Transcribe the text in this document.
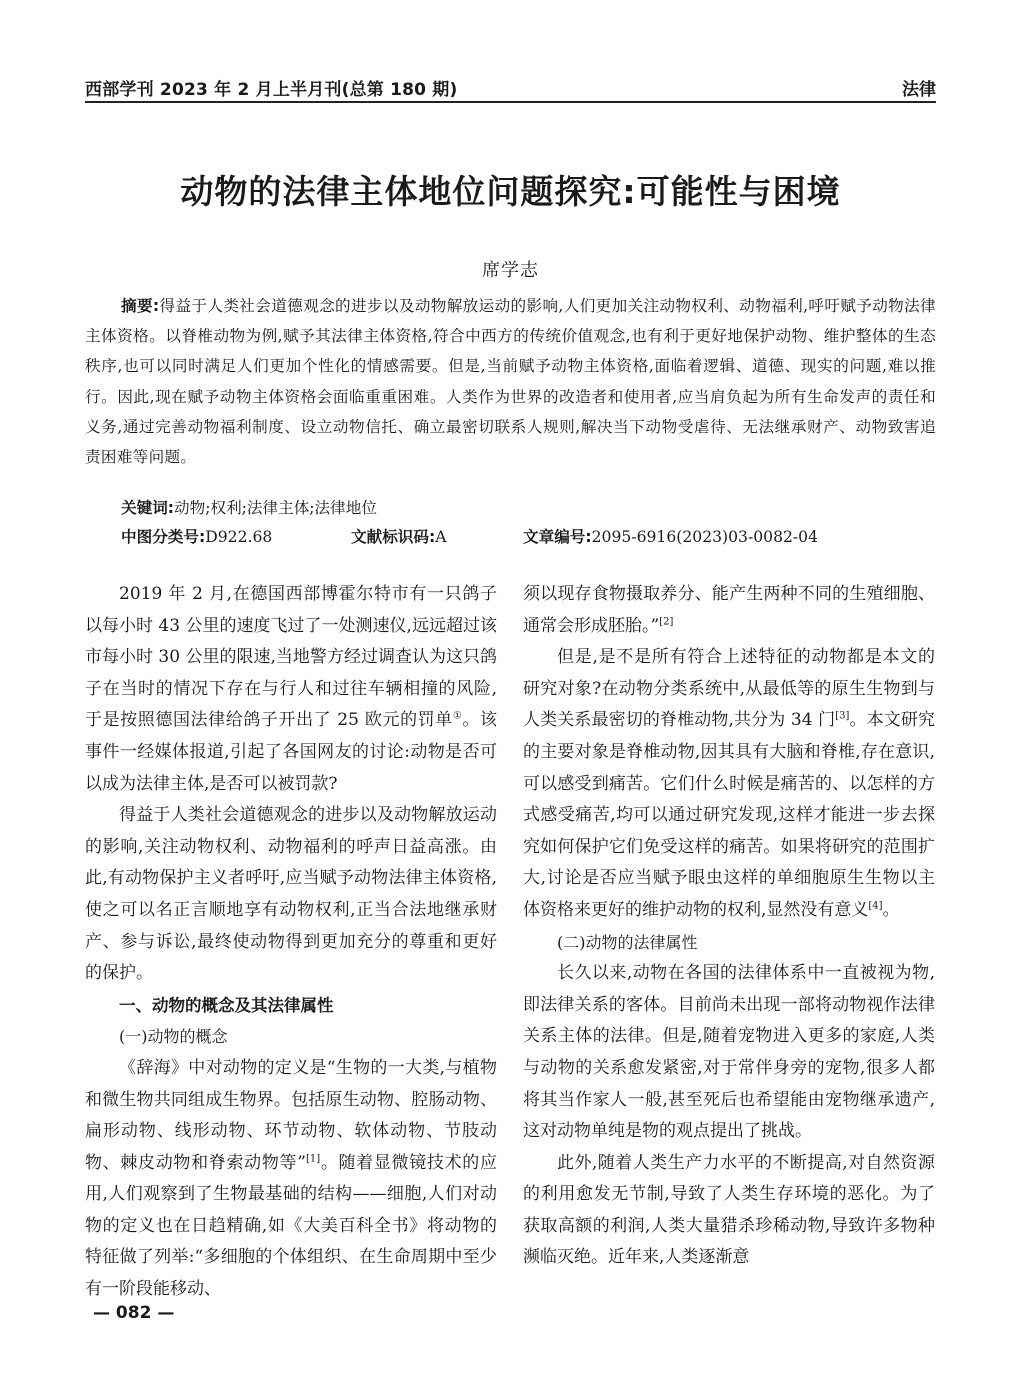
西部学刊 2023 年 2 月上半月刊(总第 180 期)	法律
动物的法律主体地位问题探究:可能性与困境
席学志
摘要:得益于人类社会道德观念的进步以及动物解放运动的影响,人们更加关注动物权利、动物福利,呼吁赋予动物法律主体资格。以脊椎动物为例,赋予其法律主体资格,符合中西方的传统价值观念,也有利于更好地保护动物、维护整体的生态秩序,也可以同时满足人们更加个性化的情感需要。但是,当前赋予动物主体资格,面临着逻辑、道德、现实的问题,难以推行。因此,现在赋予动物主体资格会面临重重困难。人类作为世界的改造者和使用者,应当肩负起为所有生命发声的责任和义务,通过完善动物福利制度、设立动物信托、确立最密切联系人规则,解决当下动物受虐待、无法继承财产、动物致害追责困难等问题。
关键词:动物;权利;法律主体;法律地位
中图分类号:D922.68	文献标识码:A	文章编号:2095-6916(2023)03-0082-04

2019 年 2 月,在德国西部博霍尔特市有一只鸽子以每小时 43 公里的速度飞过了一处测速仪,远远超过该市每小时 30 公里的限速,当地警方经过调查认为这只鸽子在当时的情况下存在与行人和过往车辆相撞的风险,于是按照德国法律给鸽子开出了 25 欧元的罚单①。该事件一经媒体报道,引起了各国网友的讨论:动物是否可以成为法律主体,是否可以被罚款?

得益于人类社会道德观念的进步以及动物解放运动的影响,关注动物权利、动物福利的呼声日益高涨。由此,有动物保护主义者呼吁,应当赋予动物法律主体资格,使之可以名正言顺地享有动物权利,正当合法地继承财产、参与诉讼,最终使动物得到更加充分的尊重和更好的保护。

一、动物的概念及其法律属性
(一)动物的概念

《辞海》中对动物的定义是“生物的一大类,与植物和微生物共同组成生物界。包括原生动物、腔肠动物、扁形动物、线形动物、环节动物、软体动物、节肢动物、棘皮动物和脊索动物等”[1]。随着显微镜技术的应用,人们观察到了生物最基础的结构——细胞,人们对动物的定义也在日趋精确,如《大美百科全书》将动物的特征做了列举:“多细胞的个体组织、在生命周期中至少有一阶段能移动、

须以现存食物摄取养分、能产生两种不同的生殖细胞、通常会形成胚胎。”[2]

但是,是不是所有符合上述特征的动物都是本文的研究对象?在动物分类系统中,从最低等的原生生物到与人类关系最密切的脊椎动物,共分为 34 门[3]。本文研究的主要对象是脊椎动物,因其具有大脑和脊椎,存在意识,可以感受到痛苦。它们什么时候是痛苦的、以怎样的方式感受痛苦,均可以通过研究发现,这样才能进一步去探究如何保护它们免受这样的痛苦。如果将研究的范围扩大,讨论是否应当赋予眼虫这样的单细胞原生生物以主体资格来更好的维护动物的权利,显然没有意义[4]。

(二)动物的法律属性

长久以来,动物在各国的法律体系中一直被视为物,即法律关系的客体。目前尚未出现一部将动物视作法律关系主体的法律。但是,随着宠物进入更多的家庭,人类与动物的关系愈发紧密,对于常伴身旁的宠物,很多人都将其当作家人一般,甚至死后也希望能由宠物继承遗产,这对动物单纯是物的观点提出了挑战。

此外,随着人类生产力水平的不断提高,对自然资源的利用愈发无节制,导致了人类生存环境的恶化。为了获取高额的利润,人类大量猎杀珍稀动物,导致许多物种濒临灭绝。近年来,人类逐渐意

— 082 —
